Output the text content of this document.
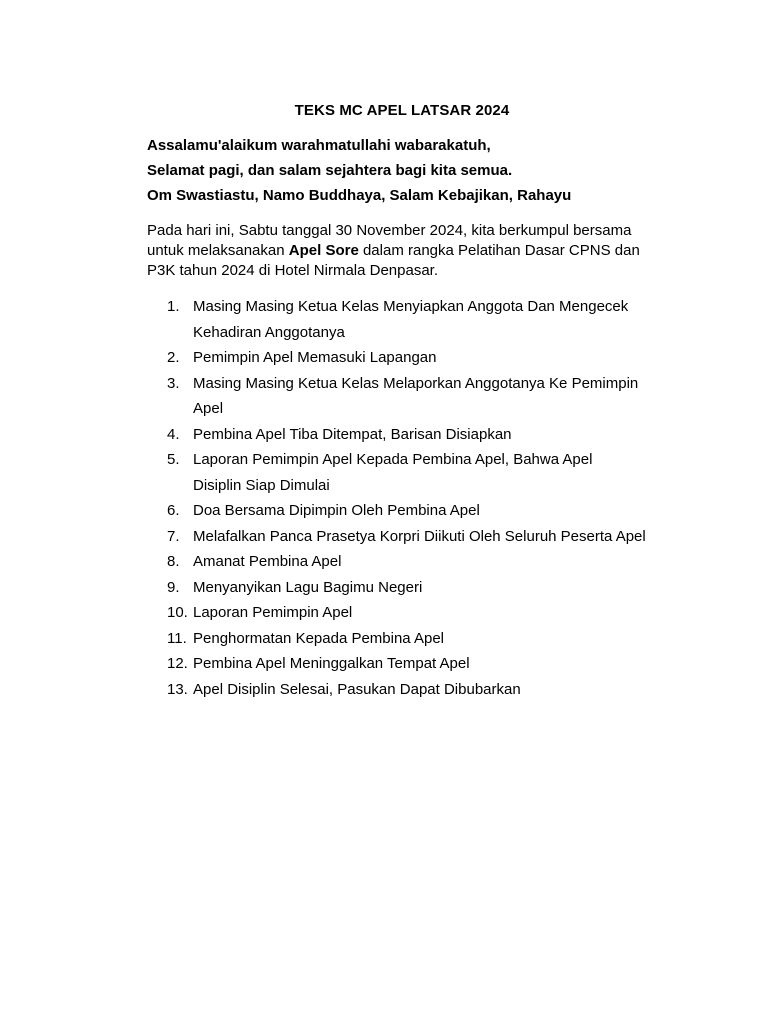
TEKS MC APEL LATSAR 2024
Assalamu'alaikum warahmatullahi wabarakatuh,
Selamat pagi, dan salam sejahtera bagi kita semua.
Om Swastiastu, Namo Buddhaya, Salam Kebajikan, Rahayu
Pada hari ini, Sabtu tanggal 30 November 2024, kita berkumpul bersama untuk melaksanakan Apel Sore dalam rangka Pelatihan Dasar CPNS dan P3K tahun 2024 di Hotel Nirmala Denpasar.
1. Masing Masing Ketua Kelas Menyiapkan Anggota Dan Mengecek Kehadiran Anggotanya
2. Pemimpin Apel Memasuki Lapangan
3. Masing Masing Ketua Kelas Melaporkan Anggotanya Ke Pemimpin Apel
4. Pembina Apel Tiba Ditempat, Barisan Disiapkan
5. Laporan Pemimpin Apel Kepada Pembina Apel, Bahwa Apel Disiplin Siap Dimulai
6. Doa Bersama Dipimpin Oleh Pembina Apel
7. Melafalkan Panca Prasetya Korpri Diikuti Oleh Seluruh Peserta Apel
8. Amanat Pembina Apel
9. Menyanyikan Lagu Bagimu Negeri
10. Laporan Pemimpin Apel
11. Penghormatan Kepada Pembina Apel
12. Pembina Apel Meninggalkan Tempat Apel
13. Apel Disiplin Selesai, Pasukan Dapat Dibubarkan
